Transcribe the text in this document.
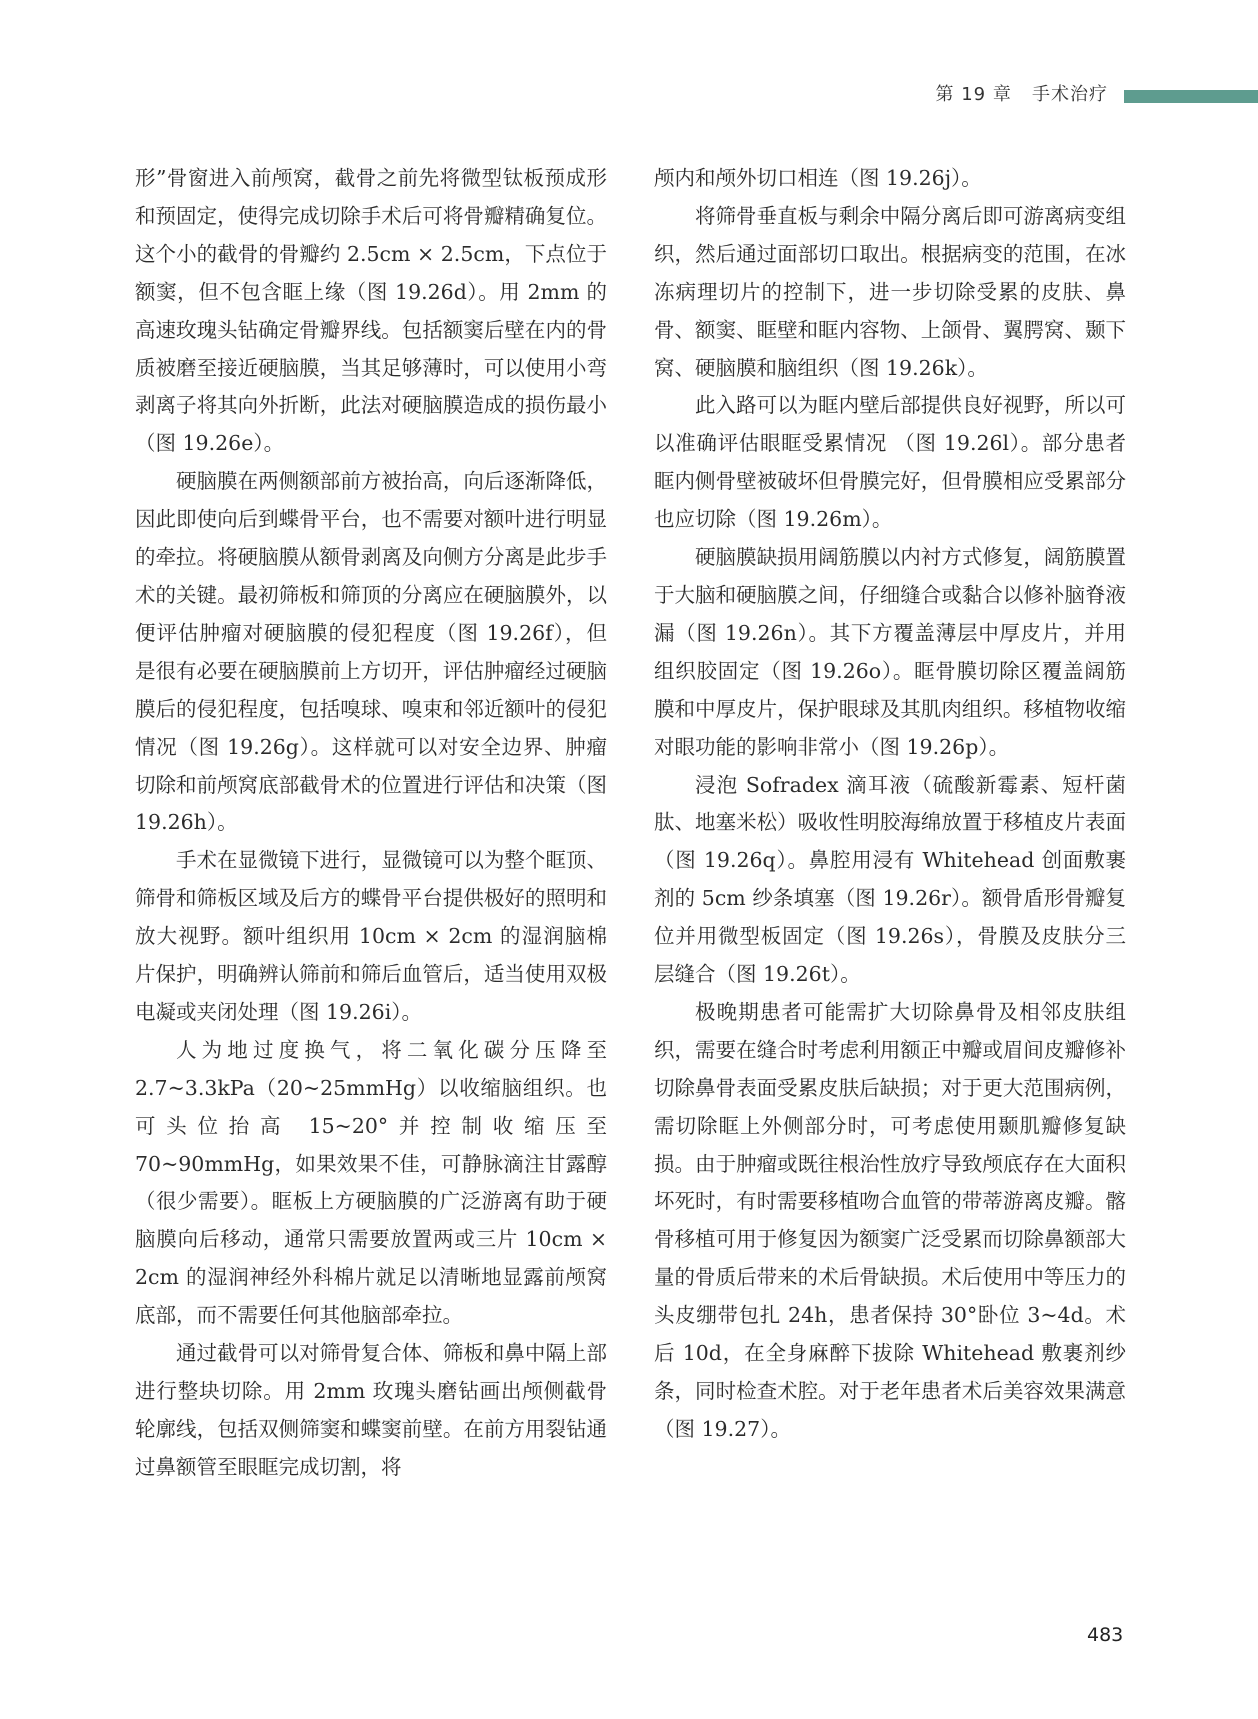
第 19 章 手术治疗

形”骨窗进入前颅窝，截骨之前先将微型钛板预成形和预固定，使得完成切除手术后可将骨瓣精确复位。这个小的截骨的骨瓣约 2.5cm × 2.5cm，下点位于额窦，但不包含眶上缘（图 19.26d）。用 2mm 的高速玫瑰头钻确定骨瓣界线。包括额窦后壁在内的骨质被磨至接近硬脑膜，当其足够薄时，可以使用小弯剥离子将其向外折断，此法对硬脑膜造成的损伤最小（图 19.26e）。

硬脑膜在两侧额部前方被抬高，向后逐渐降低，因此即使向后到蝶骨平台，也不需要对额叶进行明显的牵拉。将硬脑膜从额骨剥离及向侧方分离是此步手术的关键。最初筛板和筛顶的分离应在硬脑膜外，以便评估肿瘤对硬脑膜的侵犯程度（图 19.26f），但是很有必要在硬脑膜前上方切开，评估肿瘤经过硬脑膜后的侵犯程度，包括嗅球、嗅束和邻近额叶的侵犯情况（图 19.26g）。这样就可以对安全边界、肿瘤切除和前颅窝底部截骨术的位置进行评估和决策（图 19.26h）。

手术在显微镜下进行，显微镜可以为整个眶顶、筛骨和筛板区域及后方的蝶骨平台提供极好的照明和放大视野。额叶组织用 10cm × 2cm 的湿润脑棉片保护，明确辨认筛前和筛后血管后，适当使用双极电凝或夹闭处理（图 19.26i）。

人为地过度换气，将二氧化碳分压降至 2.7~3.3kPa（20~25mmHg）以收缩脑组织。也可头位抬高 15~20°并控制收缩压至 70~90mmHg，如果效果不佳，可静脉滴注甘露醇（很少需要）。眶板上方硬脑膜的广泛游离有助于硬脑膜向后移动，通常只需要放置两或三片 10cm × 2cm 的湿润神经外科棉片就足以清晰地显露前颅窝底部，而不需要任何其他脑部牵拉。

通过截骨可以对筛骨复合体、筛板和鼻中隔上部进行整块切除。用 2mm 玫瑰头磨钻画出颅侧截骨轮廓线，包括双侧筛窦和蝶窦前壁。在前方用裂钻通过鼻额管至眼眶完成切割，将

颅内和颅外切口相连（图 19.26j）。

将筛骨垂直板与剩余中隔分离后即可游离病变组织，然后通过面部切口取出。根据病变的范围，在冰冻病理切片的控制下，进一步切除受累的皮肤、鼻骨、额窦、眶壁和眶内容物、上颌骨、翼腭窝、颞下窝、硬脑膜和脑组织（图 19.26k）。

此入路可以为眶内壁后部提供良好视野，所以可以准确评估眼眶受累情况 （图 19.26l）。部分患者眶内侧骨壁被破坏但骨膜完好，但骨膜相应受累部分也应切除（图 19.26m）。

硬脑膜缺损用阔筋膜以内衬方式修复，阔筋膜置于大脑和硬脑膜之间，仔细缝合或黏合以修补脑脊液漏（图 19.26n）。其下方覆盖薄层中厚皮片，并用组织胶固定（图 19.26o）。眶骨膜切除区覆盖阔筋膜和中厚皮片，保护眼球及其肌肉组织。移植物收缩对眼功能的影响非常小（图 19.26p）。

浸泡 Sofradex 滴耳液（硫酸新霉素、短杆菌肽、地塞米松）吸收性明胶海绵放置于移植皮片表面（图 19.26q）。鼻腔用浸有 Whitehead 创面敷裹剂的 5cm 纱条填塞（图 19.26r）。额骨盾形骨瓣复位并用微型板固定（图 19.26s），骨膜及皮肤分三层缝合（图 19.26t）。

极晚期患者可能需扩大切除鼻骨及相邻皮肤组织，需要在缝合时考虑利用额正中瓣或眉间皮瓣修补切除鼻骨表面受累皮肤后缺损；对于更大范围病例，需切除眶上外侧部分时，可考虑使用颞肌瓣修复缺损。由于肿瘤或既往根治性放疗导致颅底存在大面积坏死时，有时需要移植吻合血管的带蒂游离皮瓣。髂骨移植可用于修复因为额窦广泛受累而切除鼻额部大量的骨质后带来的术后骨缺损。术后使用中等压力的头皮绷带包扎 24h，患者保持 30°卧位 3~4d。术后 10d，在全身麻醉下拔除 Whitehead 敷裹剂纱条，同时检查术腔。对于老年患者术后美容效果满意（图 19.27）。

483
